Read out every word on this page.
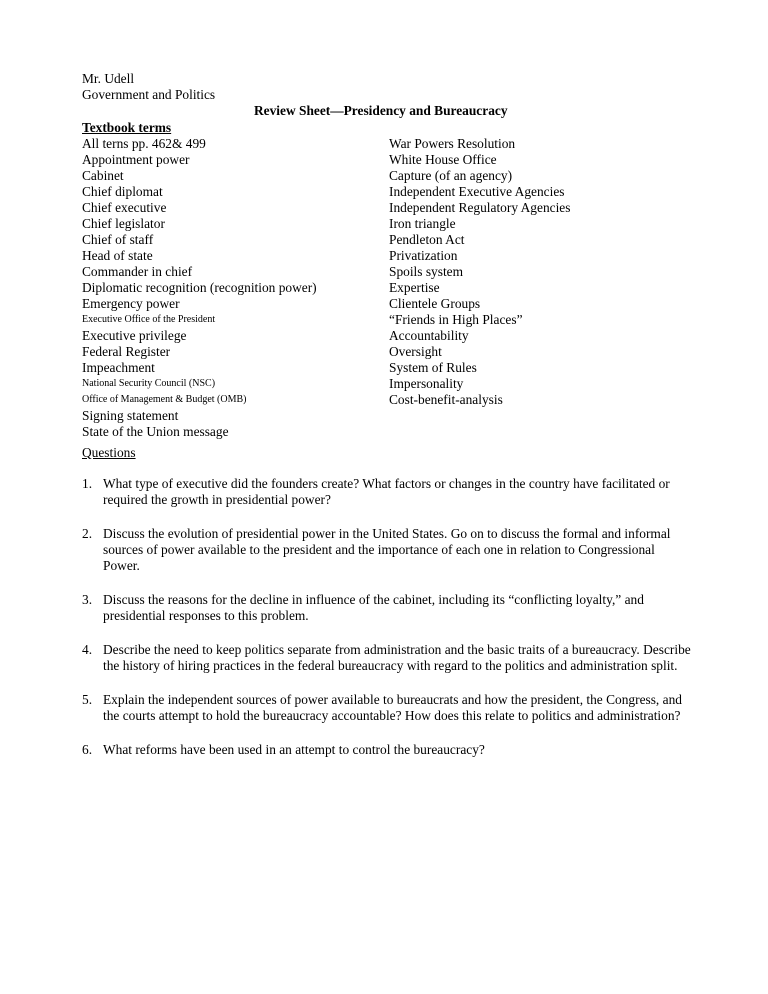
Mr. Udell
Government and Politics
Review Sheet—Presidency and Bureaucracy
Textbook terms
All terns pp. 462& 499
Appointment power
Cabinet
Chief diplomat
Chief executive
Chief legislator
Chief of staff
Head of state
Commander in chief
Diplomatic recognition (recognition power)
Emergency power
Executive Office of the President
Executive privilege
Federal Register
Impeachment
National Security Council (NSC)
Office of Management & Budget (OMB)
Signing statement
State of the Union message
War Powers Resolution
White House Office
Capture (of an agency)
Independent Executive Agencies
Independent Regulatory Agencies
Iron triangle
Pendleton Act
Privatization
Spoils system
Expertise
Clientele Groups
“Friends in High Places”
Accountability
Oversight
System of Rules
Impersonality
Cost-benefit-analysis
Questions
1. What type of executive did the founders create? What factors or changes in the country have facilitated or required the growth in presidential power?
2. Discuss the evolution of presidential power in the United States. Go on to discuss the formal and informal sources of power available to the president and the importance of each one in relation to Congressional Power.
3. Discuss the reasons for the decline in influence of the cabinet, including its “conflicting loyalty,” and presidential responses to this problem.
4. Describe the need to keep politics separate from administration and the basic traits of a bureaucracy. Describe the history of hiring practices in the federal bureaucracy with regard to the politics and administration split.
5. Explain the independent sources of power available to bureaucrats and how the president, the Congress, and the courts attempt to hold the bureaucracy accountable? How does this relate to politics and administration?
6. What reforms have been used in an attempt to control the bureaucracy?
